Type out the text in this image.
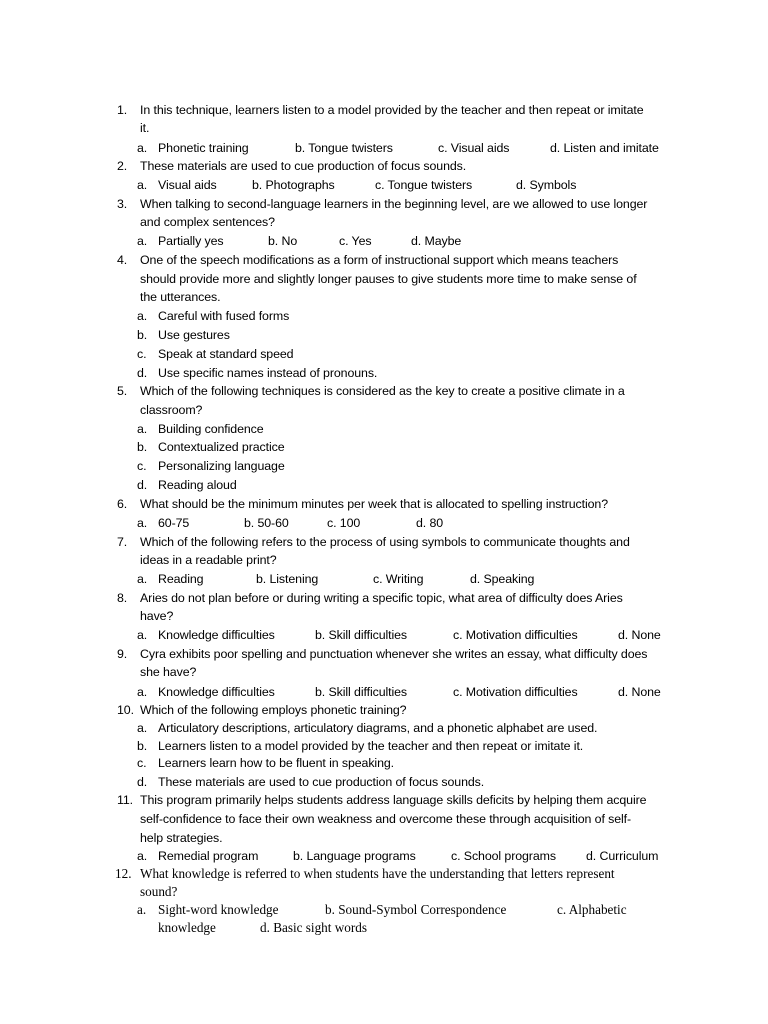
1. In this technique, learners listen to a model provided by the teacher and then repeat or imitate
it.
a. Phonetic training	b. Tongue twisters	c. Visual aids	d. Listen and imitate
2. These materials are used to cue production of focus sounds.
a. Visual aids	b. Photographs	c. Tongue twisters	d. Symbols
3. When talking to second-language learners in the beginning level, are we allowed to use longer
and complex sentences?
a. Partially yes	b. No	c. Yes	d. Maybe
4. One of the speech modifications as a form of instructional support which means teachers
should provide more and slightly longer pauses to give students more time to make sense of
the utterances.
a. Careful with fused forms
b. Use gestures
c. Speak at standard speed
d. Use specific names instead of pronouns.
5. Which of the following techniques is considered as the key to create a positive climate in a
classroom?
a. Building confidence
b. Contextualized practice
c. Personalizing language
d. Reading aloud
6. What should be the minimum minutes per week that is allocated to spelling instruction?
a. 60-75	b. 50-60	c. 100	d. 80
7. Which of the following refers to the process of using symbols to communicate thoughts and
ideas in a readable print?
a. Reading	b. Listening	c. Writing	d. Speaking
8. Aries do not plan before or during writing a specific topic, what area of difficulty does Aries
have?
a. Knowledge difficulties	b. Skill difficulties	c. Motivation difficulties	d. None
9. Cyra exhibits poor spelling and punctuation whenever she writes an essay, what difficulty does
she have?
a. Knowledge difficulties	b. Skill difficulties	c. Motivation difficulties	d. None
10. Which of the following employs phonetic training?
a. Articulatory descriptions, articulatory diagrams, and a phonetic alphabet are used.
b. Learners listen to a model provided by the teacher and then repeat or imitate it.
c. Learners learn how to be fluent in speaking.
d. These materials are used to cue production of focus sounds.
11. This program primarily helps students address language skills deficits by helping them acquire
self-confidence to face their own weakness and overcome these through acquisition of self-
help strategies.
a. Remedial program	b. Language programs	c. School programs d. Curriculum
12. What knowledge is referred to when students have the understanding that letters represent
sound?
a. Sight-word knowledge	b. Sound-Symbol Correspondence	c. Alphabetic
knowledge	d. Basic sight words
